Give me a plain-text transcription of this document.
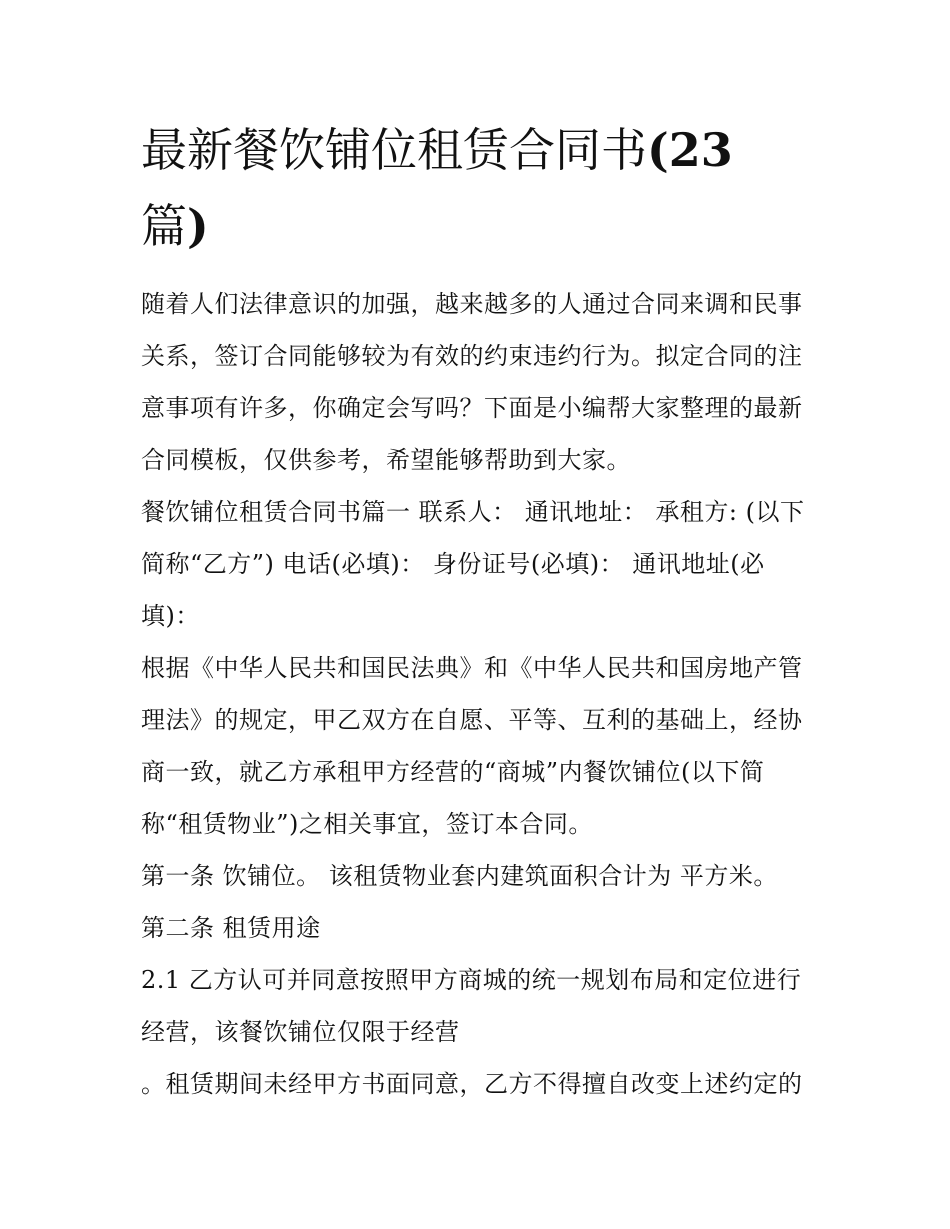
最新餐饮铺位租赁合同书(23
篇)

随着人们法律意识的加强，越来越多的人通过合同来调和民事关系，签订合同能够较为有效的约束违约行为。拟定合同的注意事项有许多，你确定会写吗？下面是小编帮大家整理的最新合同模板，仅供参考，希望能够帮助到大家。

餐饮铺位租赁合同书篇一 联系人： 通讯地址： 承租方: (以下简称“乙方”) 电话(必填)： 身份证号(必填)： 通讯地址(必填)：

根据《中华人民共和国民法典》和《中华人民共和国房地产管理法》的规定，甲乙双方在自愿、平等、互利的基础上，经协商一致，就乙方承租甲方经营的“商城”内餐饮铺位(以下简称“租赁物业”)之相关事宜，签订本合同。

第一条 饮铺位。 该租赁物业套内建筑面积合计为 平方米。

第二条 租赁用途

2.1 乙方认可并同意按照甲方商城的统一规划布局和定位进行经营，该餐饮铺位仅限于经营

。租赁期间未经甲方书面同意，乙方不得擅自改变上述约定的
